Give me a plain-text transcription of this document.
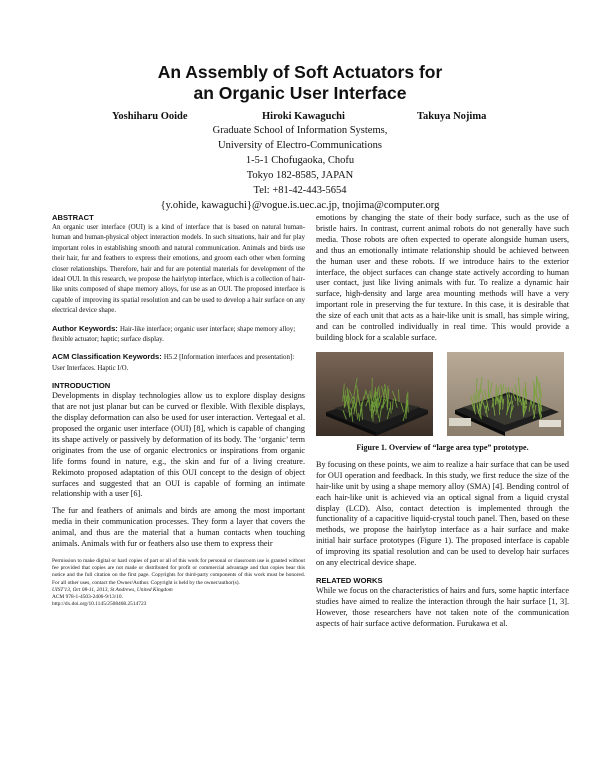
An Assembly of Soft Actuators for
an Organic User Interface
Yoshiharu Ooide	Hiroki Kawaguchi	Takuya Nojima
Graduate School of Information Systems,
University of Electro-Communications
1-5-1 Chofugaoka, Chofu
Tokyo 182-8585, JAPAN
Tel: +81-42-443-5654
{y.ohide, kawaguchi}@vogue.is.uec.ac.jp, tnojima@computer.org
ABSTRACT

An organic user interface (OUI) is a kind of interface that is based on natural human-human and human-physical object interaction models. In such situations, hair and fur play important roles in establishing smooth and natural communication. Animals and birds use their hair, fur and feathers to express their emotions, and groom each other when forming closer relationships. Therefore, hair and fur are potential materials for development of the ideal OUI. In this research, we propose the hairlytop interface, which is a collection of hair-like units composed of shape memory alloys, for use as an OUI. The proposed interface is capable of improving its spatial resolution and can be used to develop a hair surface on any electrical device shape.

Author Keywords: Hair-like interface; organic user interface; shape memory alloy; flexible actuator; haptic; surface display.

ACM Classification Keywords: H5.2 [Information interfaces and presentation]: User Interfaces. Haptic I/O.

INTRODUCTION

Developments in display technologies allow us to explore display designs that are not just planar but can be curved or flexible. With flexible displays, the display deformation can also be used for user interaction. Vertegaal et al. proposed the organic user interface (OUI) [8], which is capable of changing its shape actively or passively by deformation of its body. The ‘organic’ term originates from the use of organic electronics or inspirations from organic life forms found in nature, e.g., the skin and fur of a living creature. Rekimoto proposed adaptation of this OUI concept to the design of object surfaces and suggested that an OUI is capable of forming an intimate relationship with a user [6].

The fur and feathers of animals and birds are among the most important media in their communication processes. They form a layer that covers the animal, and thus are the material that a human contacts when touching animals. Animals with fur or feathers also use them to express their

Permission to make digital or hard copies of part or all of this work for personal or classroom use is granted without fee provided that copies are not made or distributed for profit or commercial advantage and that copies bear this notice and the full citation on the first page. Copyrights for third-party components of this work must be honored. For all other uses, contact the Owner/Author. Copyright is held by the owner/author(s).

UIST'13, Oct 08-11, 2013, St Andrews, United Kingdom

ACM 978-1-4503-2406-9/13/10.

http://dx.doi.org/10.1145/2508468.2514723

emotions by changing the state of their body surface, such as the use of bristle hairs. In contrast, current animal robots do not generally have such media. Those robots are often expected to operate alongside human users, and thus an emotionally intimate relationship should be achieved between the human user and these robots. If we introduce hairs to the exterior interface, the object surfaces can change state actively according to human user contact, just like living animals with fur. To realize a dynamic hair surface, high-density and large area mounting methods will have a very important role in preserving the fur texture. In this case, it is desirable that the size of each unit that acts as a hair-like unit is small, has simple wiring, and can be controlled individually in real time. This would provide a building block for a scalable surface.

Figure 1. Overview of “large area type” prototype.

By focusing on these points, we aim to realize a hair surface that can be used for OUI operation and feedback. In this study, we first reduce the size of the hair-like unit by using a shape memory alloy (SMA) [4]. Bending control of each hair-like unit is achieved via an optical signal from a liquid crystal display (LCD). Also, contact detection is implemented through the functionality of a capacitive liquid-crystal touch panel. Then, based on these methods, we propose the hairlytop interface as a hair surface and make initial hair surface prototypes (Figure 1). The proposed interface is capable of improving its spatial resolution and can be used to develop hair surfaces on any electrical device shape.

RELATED WORKS

While we focus on the characteristics of hairs and furs, some haptic interface studies have aimed to realize the interaction through the hair surface [1, 3]. However, those researchers have not taken note of the communication aspects of hair surface active deformation. Furukawa et al.
